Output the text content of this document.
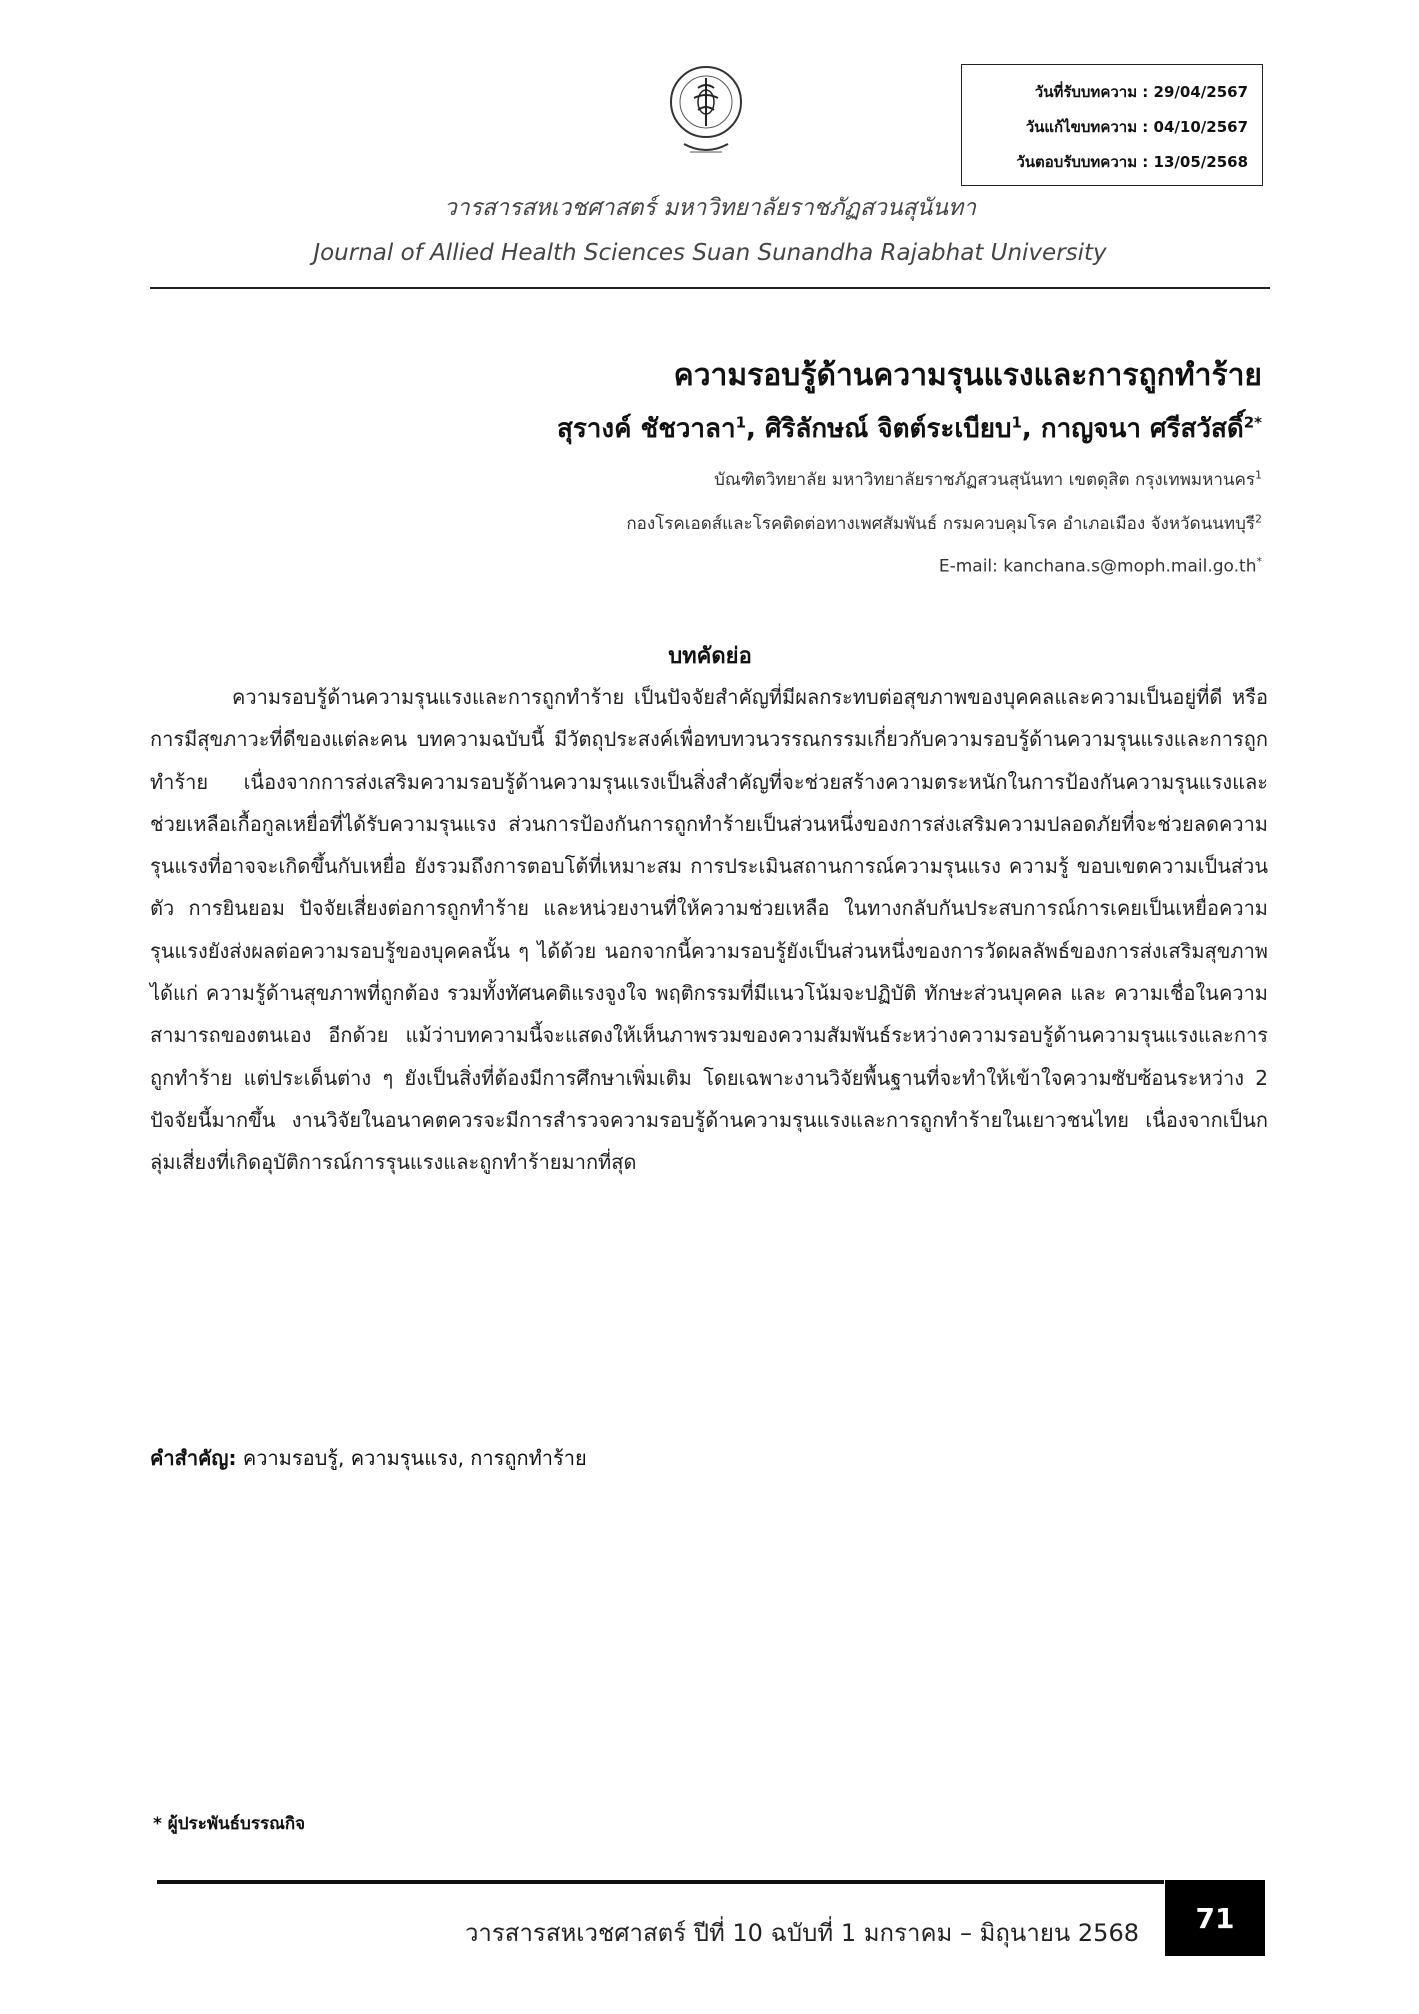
วันที่รับบทความ : 29/04/2567
วันแก้ไขบทความ : 04/10/2567
วันตอบรับบทความ : 13/05/2568
วารสารสหเวชศาสตร์ มหาวิทยาลัยราชภัฏสวนสุนันทา
Journal of Allied Health Sciences Suan Sunandha Rajabhat University
ความรอบรู้ด้านความรุนแรงและการถูกทำร้าย
สุรางค์ ชัชวาลา$^1$, ศิริลักษณ์ จิตต์ระเบียบ$^1$, กาญจนา ศรีสวัสดิ์$^{2*}$
บัณฑิตวิทยาลัย มหาวิทยาลัยราชภัฏสวนสุนันทา เขตดุสิต กรุงเทพมหานคร$^1$
กองโรคเอดส์และโรคติดต่อทางเพศสัมพันธ์ กรมควบคุมโรค อำเภอเมือง จังหวัดนนทบุรี$^2$
E-mail: kanchana.s@moph.mail.go.th*
บทคัดย่อ

ความรอบรู้ด้านความรุนแรงและการถูกทำร้าย เป็นปัจจัยสำคัญที่มีผลกระทบต่อสุขภาพของบุคคลและความเป็นอยู่ที่ดี หรือการมีสุขภาวะที่ดีของแต่ละคน บทความฉบับนี้ มีวัตถุประสงค์เพื่อทบทวนวรรณกรรมเกี่ยวกับความรอบรู้ด้านความรุนแรงและการถูกทำร้าย เนื่องจากการส่งเสริมความรอบรู้ด้านความรุนแรงเป็นสิ่งสำคัญที่จะช่วยสร้างความตระหนักในการป้องกันความรุนแรงและช่วยเหลือเกื้อกูลเหยื่อที่ได้รับความรุนแรง ส่วนการป้องกันการถูกทำร้ายเป็นส่วนหนึ่งของการส่งเสริมความปลอดภัยที่จะช่วยลดความรุนแรงที่อาจจะเกิดขึ้นกับเหยื่อ ยังรวมถึงการตอบโต้ที่เหมาะสม การประเมินสถานการณ์ความรุนแรง ความรู้ ขอบเขตความเป็นส่วนตัว การยินยอม ปัจจัยเสี่ยงต่อการถูกทำร้าย และหน่วยงานที่ให้ความช่วยเหลือ ในทางกลับกันประสบการณ์การเคยเป็นเหยื่อความรุนแรงยังส่งผลต่อความรอบรู้ของบุคคลนั้น ๆ ได้ด้วย นอกจากนี้ความรอบรู้ยังเป็นส่วนหนึ่งของการวัดผลลัพธ์ของการส่งเสริมสุขภาพ ได้แก่ ความรู้ด้านสุขภาพที่ถูกต้อง รวมทั้งทัศนคติแรงจูงใจ พฤติกรรมที่มีแนวโน้มจะปฏิบัติ ทักษะส่วนบุคคล และ ความเชื่อในความสามารถของตนเอง อีกด้วย แม้ว่าบทความนี้จะแสดงให้เห็นภาพรวมของความสัมพันธ์ระหว่างความรอบรู้ด้านความรุนแรงและการถูกทำร้าย แต่ประเด็นต่าง ๆ ยังเป็นสิ่งที่ต้องมีการศึกษาเพิ่มเติม โดยเฉพาะงานวิจัยพื้นฐานที่จะทำให้เข้าใจความซับซ้อนระหว่าง 2 ปัจจัยนี้มากขึ้น งานวิจัยในอนาคตควรจะมีการสำรวจความรอบรู้ด้านความรุนแรงและการถูกทำร้ายในเยาวชนไทย เนื่องจากเป็นกลุ่มเสี่ยงที่เกิดอุบัติการณ์การรุนแรงและถูกทำร้ายมากที่สุด

คำสำคัญ: ความรอบรู้, ความรุนแรง, การถูกทำร้าย
* ผู้ประพันธ์บรรณกิจ
วารสารสหเวชศาสตร์ ปีที่ 10 ฉบับที่ 1 มกราคม – มิถุนายน 2568	71
